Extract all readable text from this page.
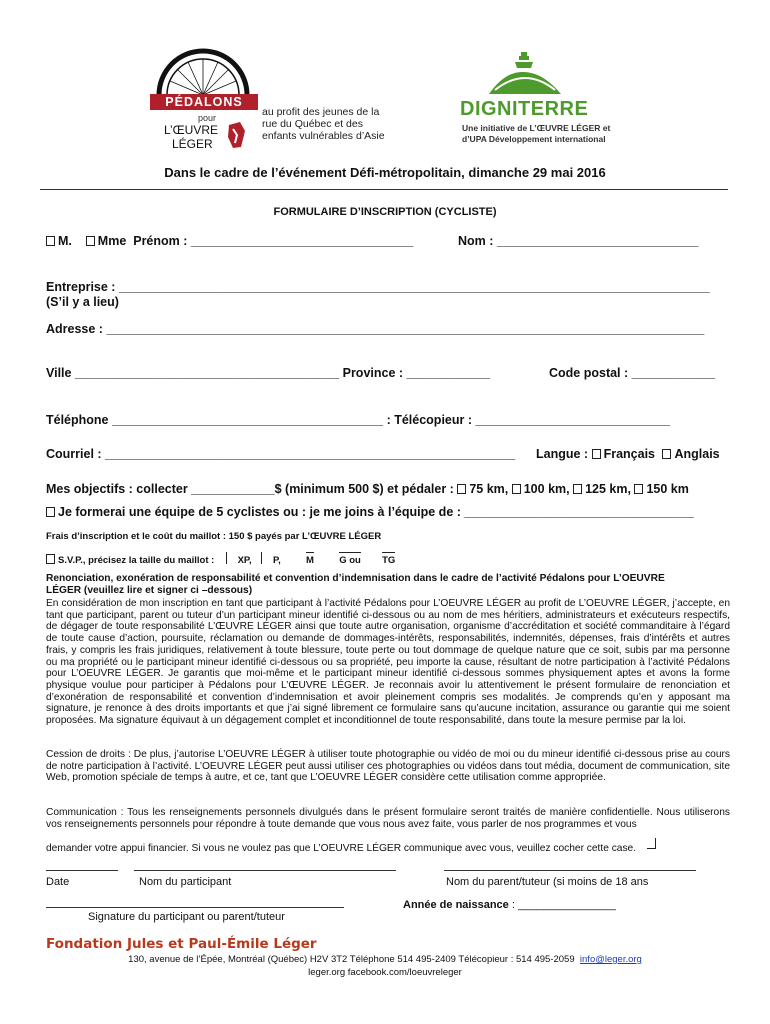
PÉDALONS
pour
L’ŒUVRE
LÉGER
au profit des jeunes de la rue du Québec et des enfants vulnérables d’Asie
DIGNITERRE
Une initiative de L’ŒUVRE LÉGER et
d’UPA Développement international
Dans le cadre de l’événement Défi-métropolitain, dimanche 29 mai 2016
FORMULAIRE D’INSCRIPTION (CYCLISTE)
M. Mme Prénom : ________________________________	Nom : _____________________________
Entreprise : _____________________________________________________________________________________
(S’il y a lieu)
Adresse : ______________________________________________________________________________________
Ville ______________________________________ Province : ____________	Code postal : ____________
Téléphone _______________________________________ : Télécopieur : ____________________________
Courriel : ___________________________________________________________ Langue : Français Anglais
Mes objectifs : collecter ____________$ (minimum 500 $) et pédaler : 75 km, 100 km, 125 km, 150 km
Je formerai une équipe de 5 cyclistes ou : je me joins à l’équipe de : _________________________________
Frais d’inscription et le coût du maillot : 150 $ payés par L’ŒUVRE LÉGER
S.V.P., précisez la taille du maillot : XP, P,	M	G ou TG
Renonciation, exonération de responsabilité et convention d’indemnisation dans le cadre de l’activité Pédalons pour L’OEUVRE
LÉGER (veuillez lire et signer ci –dessous)
En considération de mon inscription en tant que participant à l’activité Pédalons pour L’OEUVRE LÉGER au profit de L’OEUVRE LÉGER, j’accepte, en tant que participant, parent ou tuteur d’un participant mineur identifié ci-dessous ou au nom de mes héritiers, administrateurs et exécuteurs respectifs, de dégager de toute responsabilité L’ŒUVRE LÉGER ainsi que toute autre organisation, organisme d’accréditation et société commanditaire à l’égard de toute cause d’action, poursuite, réclamation ou demande de dommages-intérêts, responsabilités, indemnités, dépenses, frais d’intérêts et autres frais, y compris les frais juridiques, relativement à toute blessure, toute perte ou tout dommage de quelque nature que ce soit, subis par ma personne ou ma propriété ou le participant mineur identifié ci-dessous ou sa propriété, peu importe la cause, résultant de notre participation à l’activité Pédalons pour L’OEUVRE LÉGER. Je garantis que moi-même et le participant mineur identifié ci-dessous sommes physiquement aptes et avons la forme physique voulue pour participer à Pédalons pour L’ŒUVRE LÉGER. Je reconnais avoir lu attentivement le présent formulaire de renonciation et d’exonération de responsabilité et convention d’indemnisation et avoir pleinement compris ses modalités. Je comprends qu’en y apposant ma signature, je renonce à des droits importants et que j’ai signé librement ce formulaire sans qu’aucune incitation, assurance ou garantie qui me soient proposées. Ma signature équivaut à un dégagement complet et inconditionnel de toute responsabilité, dans toute la mesure permise par la loi.
Cession de droits : De plus, j’autorise L’OEUVRE LÉGER à utiliser toute photographie ou vidéo de moi ou du mineur identifié ci-dessous prise au cours de notre participation à l’activité. L’OEUVRE LÉGER peut aussi utiliser ces photographies ou vidéos dans tout média, document de communication, site Web, promotion spéciale de temps à autre, et ce, tant que L’OEUVRE LÉGER considère cette utilisation comme appropriée.
Communication : Tous les renseignements personnels divulgués dans le présent formulaire seront traités de manière confidentielle. Nous utiliserons vos renseignements personnels pour répondre à toute demande que vous nous avez faite, vous parler de nos programmes et vous
demander votre appui financier. Si vous ne voulez pas que L’OEUVRE LÉGER communique avec vous, veuillez cocher cette case.
Date	Nom du participant	Nom du parent/tuteur (si moins de 18 ans
Année de naissance : ________________
Signature du participant ou parent/tuteur
Fondation Jules et Paul-Émile Léger
130, avenue de l’Épée, Montréal (Québec) H2V 3T2 Téléphone 514 495-2409 Télécopieur : 514 495-2059 info@leger.org
leger.org facebook.com/loeuvreleger
